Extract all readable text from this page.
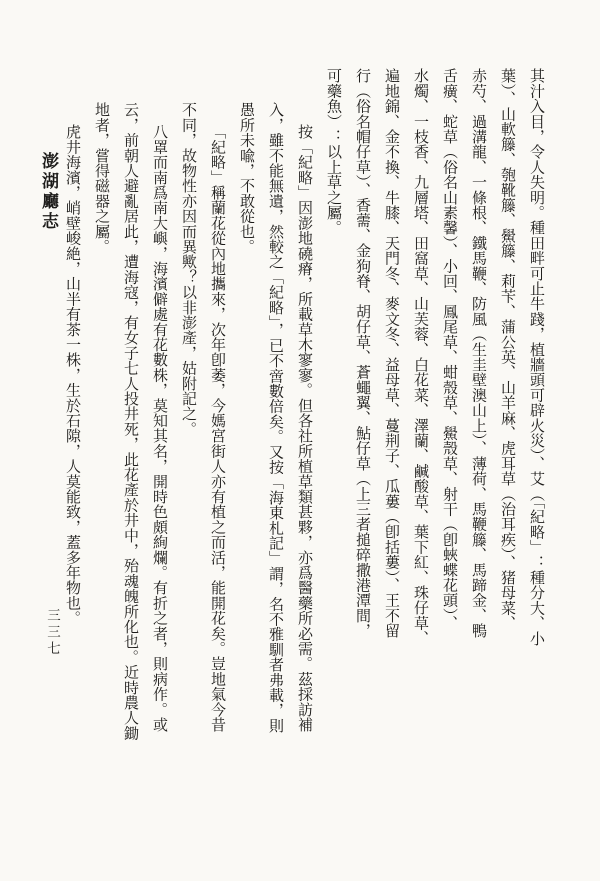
其汁入目，令人失明。種田畔可止牛踐，植牆頭可辟火災）、艾（「紀略」：種分大、小
葉）、山軟籐、匏靴籐、鱟籐、莉苄、蒲公英、山羊麻、虎耳草（治耳疾）、猪母菜、
赤芍、過溝龍、一條根、鐵馬鞭、防風（生圭壁澳山上）、薄荷、馬鞭籐、馬蹄金、鴨
舌癀、蛇草（俗名山素馨）、小回、鳳尾草、蚶殼草、鱟殼草、射干（卽蛺蝶花頭）、
水燭、一枝香、九層塔、田窩草、山芙蓉、白花菜、澤蘭、鹹酸草、葉下紅、珠仔草、
遍地錦、金不換、牛膝、天門冬、麥文冬、益母草、蔓荆子、瓜蔞（卽括蔞）、王不留
行（俗名帽仔草）、香薷、金狗脊、胡仔草、蒼蠅翼、鮎仔草（上三者搥碎撒港潭間，
可藥魚）：以上草之屬。
按「紀略」因澎地磽瘠，所載草木寥寥。但各社所植草類甚夥，亦爲醫藥所必需。茲採訪補
入，雖不能無遺，然較之「紀略」，已不啻數倍矣。又按「海東札記」謂，名不雅馴者弗載，則
愚所未喩，不敢從也。
「紀略」稱蘭花從內地攜來，次年卽萎，今媽宮街人亦有植之而活，能開花矣。豈地氣今昔
不同，故物性亦因而異歟？以非澎產，姑附記之。
八罩而南爲南大嶼，海濱僻處有花數株，莫知其名，開時色頗絢爛。有折之者，則病作。或
云，前朝人避亂居此，遭海寇，有女子七人投井死，此花產於井中，殆魂魄所化也。近時農人鋤
地者，嘗得磁器之屬。
虎井海濱，峭壁峻絶，山半有茶一株，生於石隙，人莫能致，蓋多年物也。
澎湖廳志
三三七
